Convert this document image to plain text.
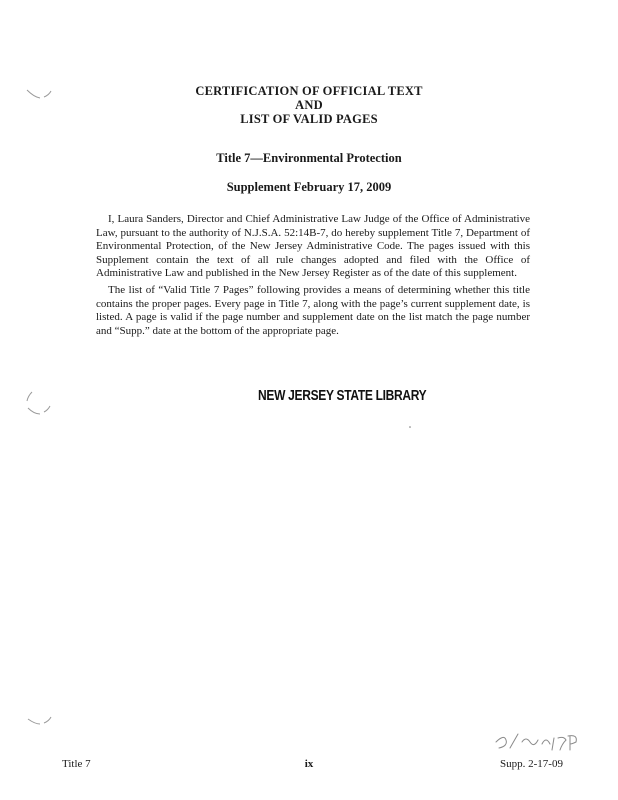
CERTIFICATION OF OFFICIAL TEXT
AND
LIST OF VALID PAGES
Title 7—Environmental Protection
Supplement February 17, 2009

I, Laura Sanders, Director and Chief Administrative Law Judge of the Office of Administrative Law, pursuant to the authority of N.J.S.A. 52:14B-7, do hereby supplement Title 7, Department of Environmental Protection, of the New Jersey Administrative Code. The pages issued with this Supplement contain the text of all rule changes adopted and filed with the Office of Administrative Law and published in the New Jersey Register as of the date of this supplement.

The list of “Valid Title 7 Pages” following provides a means of determining whether this title contains the proper pages. Every page in Title 7, along with the page’s current supplement date, is listed. A page is valid if the page number and supplement date on the list match the page number and “Supp.” date at the bottom of the appropriate page.

NEW JERSEY STATE LIBRARY
Title 7	ix	Supp. 2-17-09
